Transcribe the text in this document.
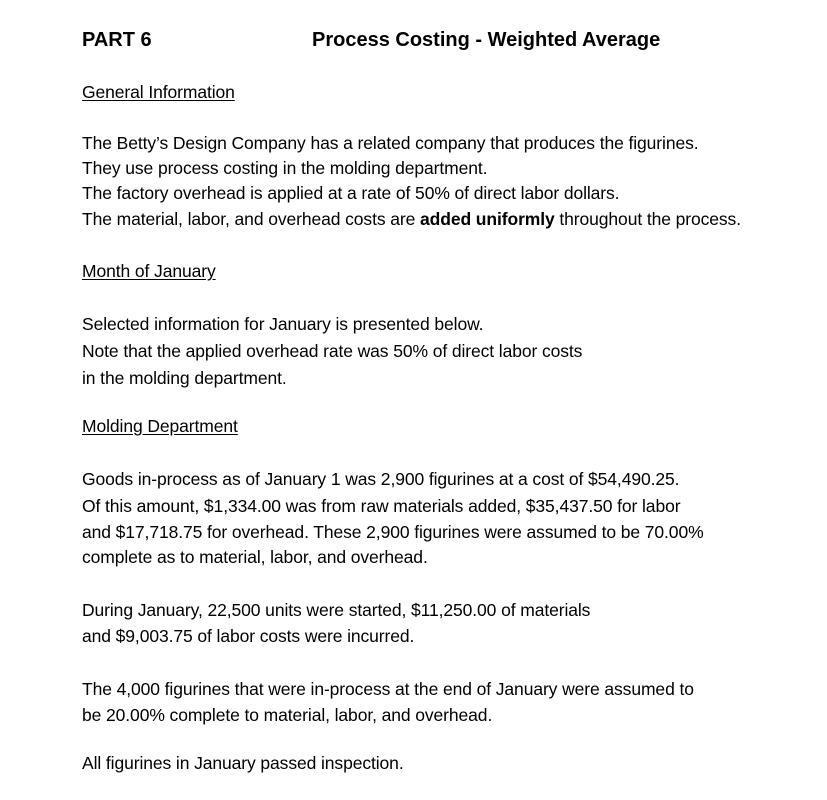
PART 6	Process Costing - Weighted Average
General Information
The Betty’s Design Company has a related company that produces the figurines.
They use process costing in the molding department.
The factory overhead is applied at a rate of 50% of direct labor dollars.
The material, labor, and overhead costs are added uniformly throughout the process.
Month of January
Selected information for January is presented below.
Note that the applied overhead rate was 50% of direct labor costs
in the molding department.
Molding Department
Goods in-process as of January 1 was 2,900 figurines at a cost of $54,490.25.
Of this amount, $1,334.00 was from raw materials added, $35,437.50 for labor
and $17,718.75 for overhead. These 2,900 figurines were assumed to be 70.00%
complete as to material, labor, and overhead.
During January, 22,500 units were started, $11,250.00 of materials
and $9,003.75 of labor costs were incurred.
The 4,000 figurines that were in-process at the end of January were assumed to
be 20.00% complete to material, labor, and overhead.
All figurines in January passed inspection.
